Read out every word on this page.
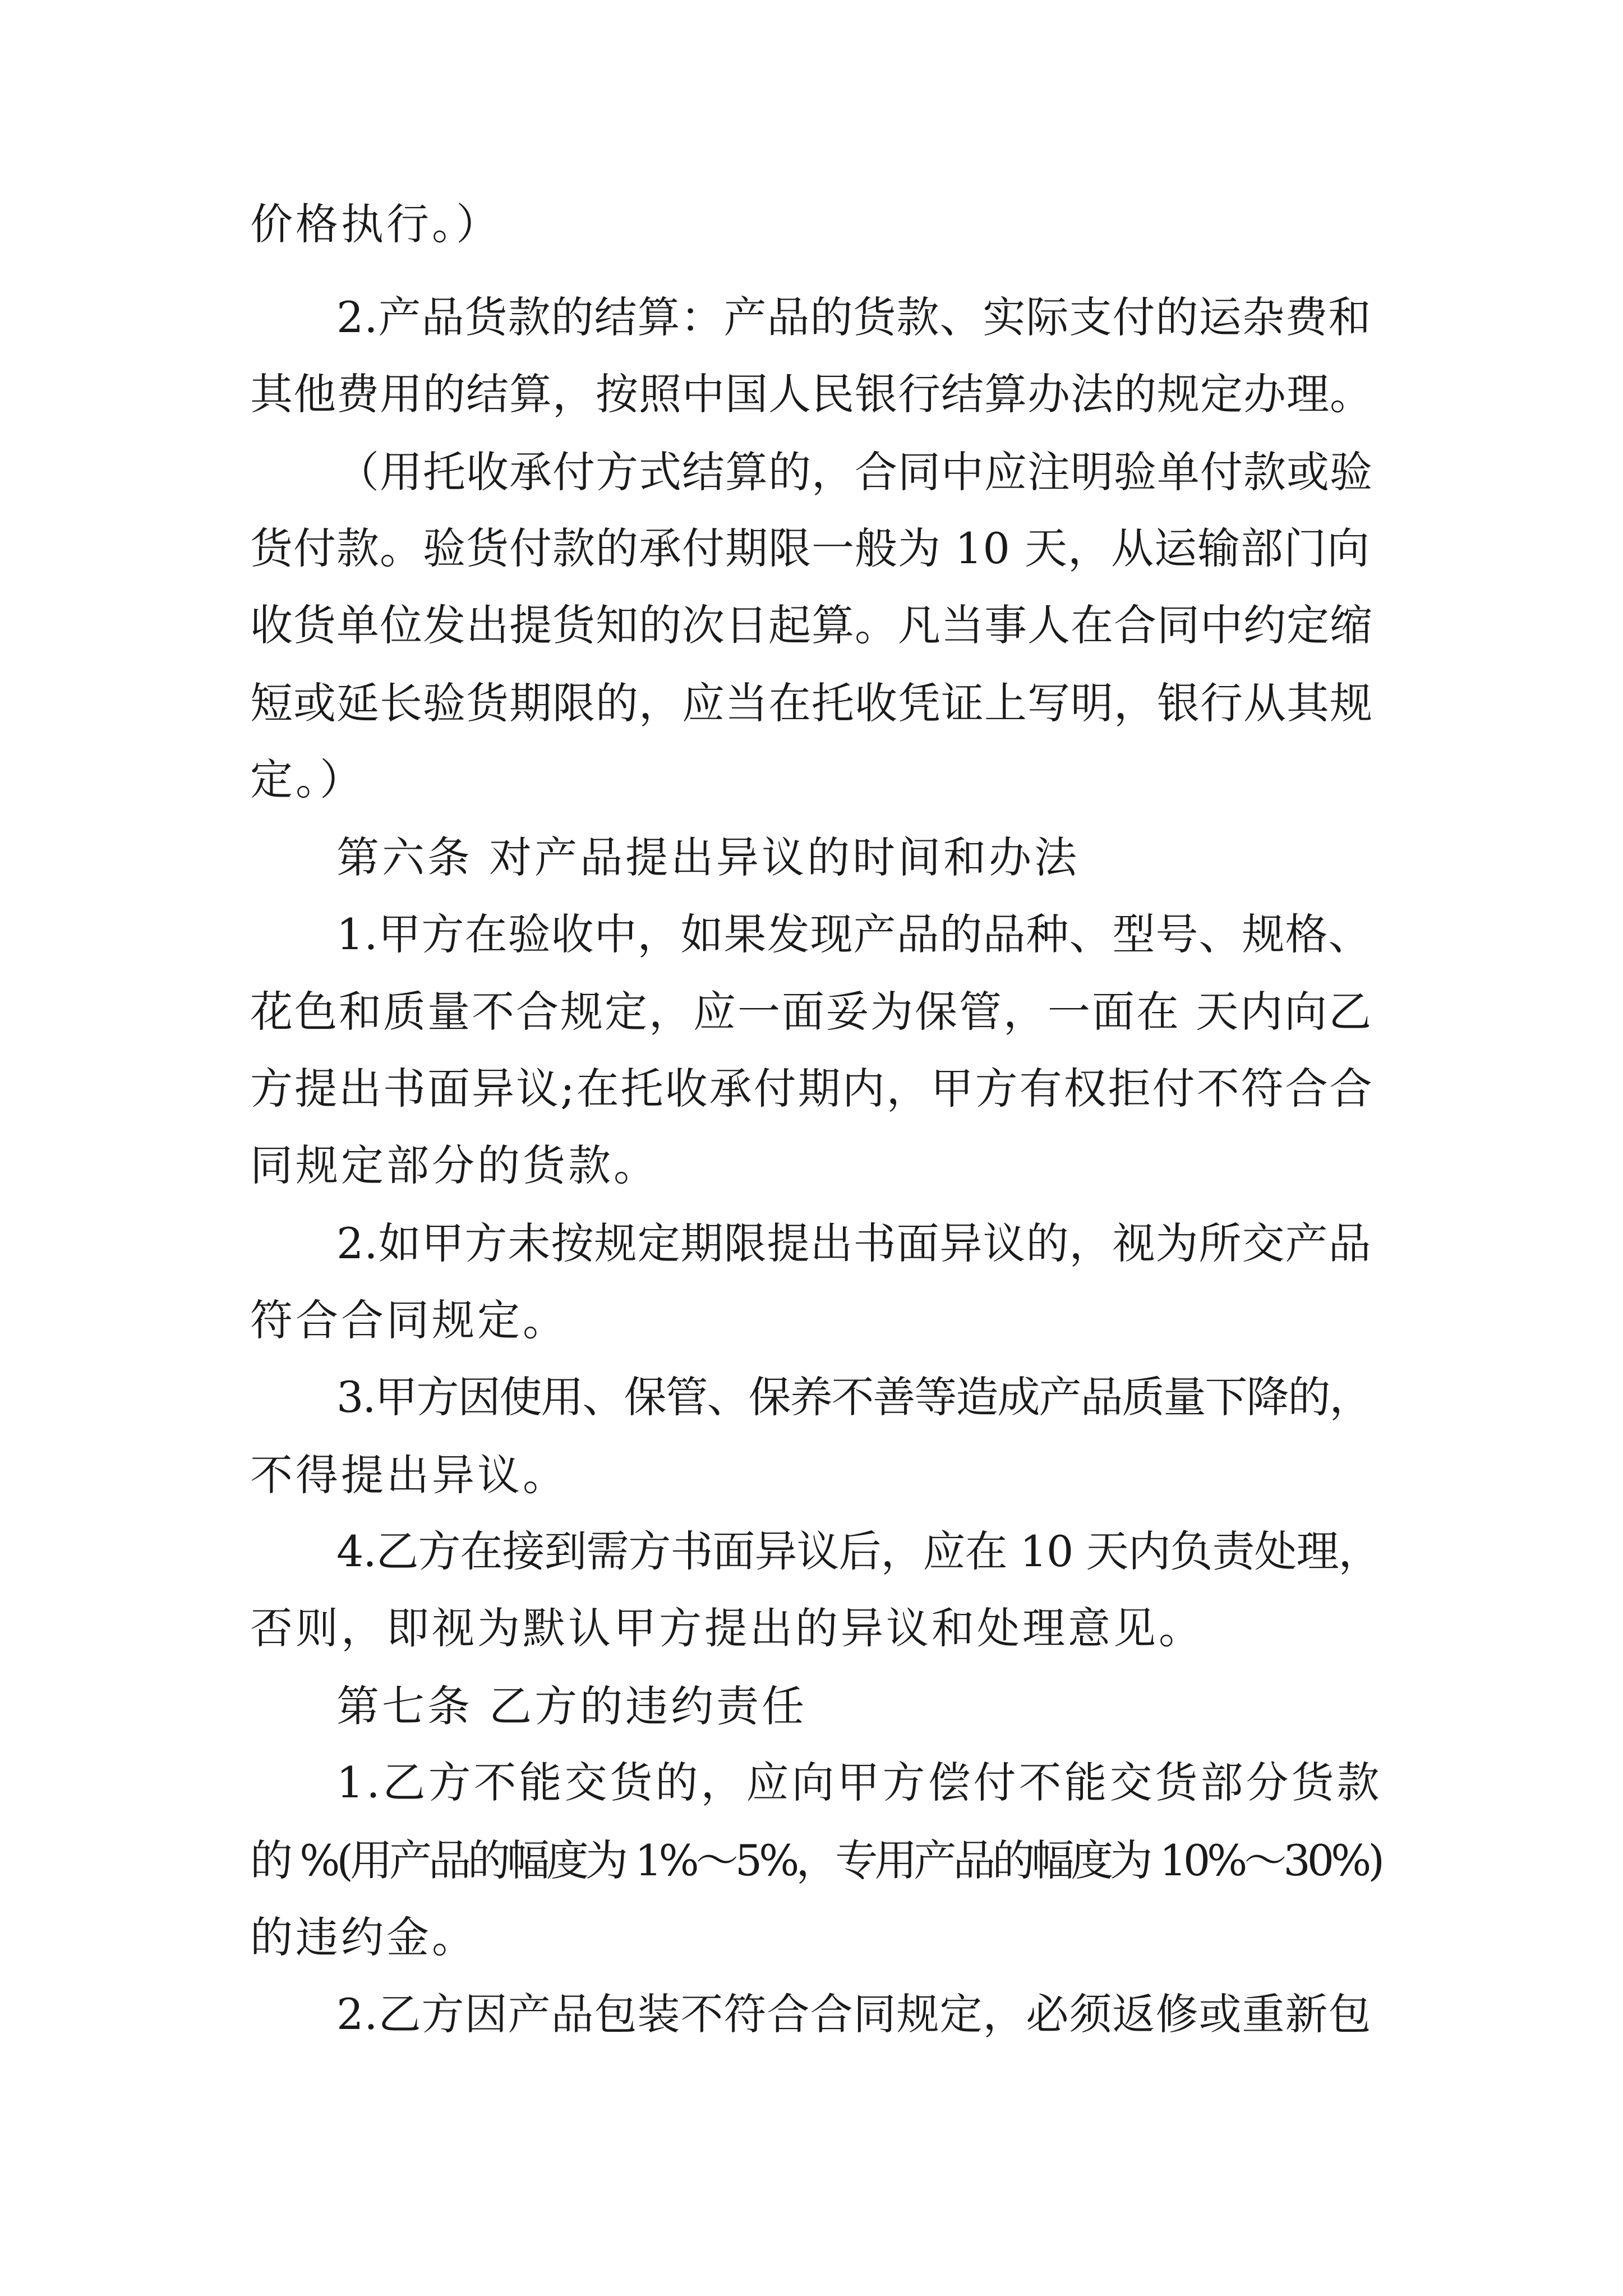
价格执行。）
2.产品货款的结算：产品的货款、实际支付的运杂费和
其他费用的结算，按照中国人民银行结算办法的规定办理。
（用托收承付方式结算的，合同中应注明验单付款或验
货付款。验货付款的承付期限一般为 10 天，从运输部门向
收货单位发出提货知的次日起算。凡当事人在合同中约定缩
短或延长验货期限的，应当在托收凭证上写明，银行从其规
定。）
第六条 对产品提出异议的时间和办法
1.甲方在验收中，如果发现产品的品种、型号、规格、
花色和质量不合规定，应一面妥为保管，一面在 天内向乙
方提出书面异议;在托收承付期内，甲方有权拒付不符合合
同规定部分的货款。
2.如甲方未按规定期限提出书面异议的，视为所交产品
符合合同规定。
3.甲方因使用、保管、保养不善等造成产品质量下降的，
不得提出异议。
4.乙方在接到需方书面异议后，应在 10 天内负责处理，
否则，即视为默认甲方提出的异议和处理意见。
第七条 乙方的违约责任
1.乙方不能交货的，应向甲方偿付不能交货部分货款
的 %(用产品的幅度为 1%～5%，专用产品的幅度为 10%～30%)
的违约金。
2.乙方因产品包装不符合合同规定，必须返修或重新包
